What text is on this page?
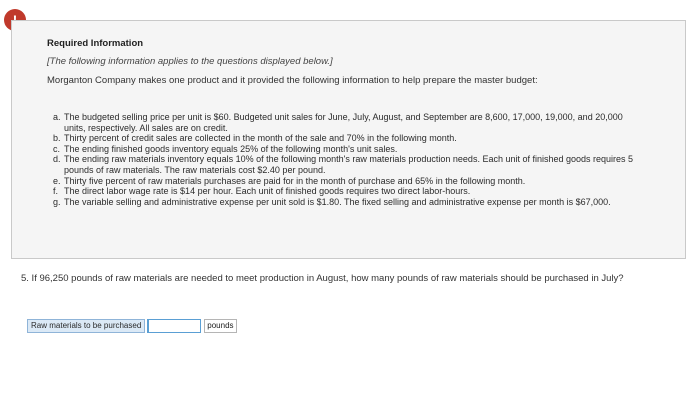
Required Information
[The following information applies to the questions displayed below.]
Morganton Company makes one product and it provided the following information to help prepare the master budget:
a. The budgeted selling price per unit is $60. Budgeted unit sales for June, July, August, and September are 8,600, 17,000, 19,000, and 20,000 units, respectively. All sales are on credit.
b. Thirty percent of credit sales are collected in the month of the sale and 70% in the following month.
c. The ending finished goods inventory equals 25% of the following month's unit sales.
d. The ending raw materials inventory equals 10% of the following month's raw materials production needs. Each unit of finished goods requires 5 pounds of raw materials. The raw materials cost $2.40 per pound.
e. Thirty five percent of raw materials purchases are paid for in the month of purchase and 65% in the following month.
f. The direct labor wage rate is $14 per hour. Each unit of finished goods requires two direct labor-hours.
g. The variable selling and administrative expense per unit sold is $1.80. The fixed selling and administrative expense per month is $67,000.
5. If 96,250 pounds of raw materials are needed to meet production in August, how many pounds of raw materials should be purchased in July?
Raw materials to be purchased	pounds
